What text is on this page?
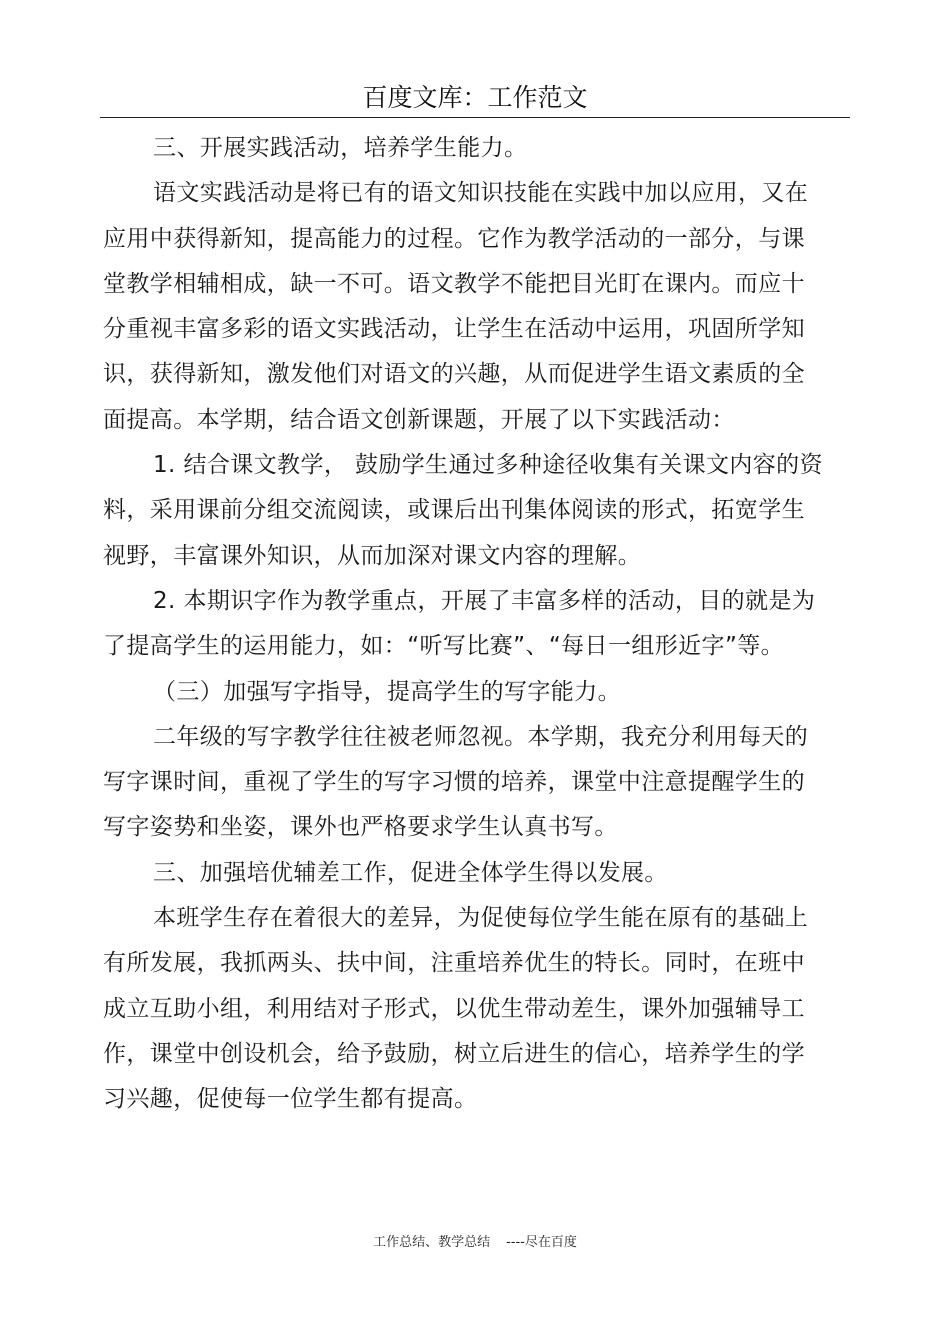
百度文库：工作范文

三、开展实践活动，培养学生能力。

语文实践活动是将已有的语文知识技能在实践中加以应用，又在应用中获得新知，提高能力的过程。它作为教学活动的一部分，与课堂教学相辅相成，缺一不可。语文教学不能把目光盯在课内。而应十分重视丰富多彩的语文实践活动，让学生在活动中运用，巩固所学知识，获得新知，激发他们对语文的兴趣，从而促进学生语文素质的全面提高。本学期，结合语文创新课题，开展了以下实践活动：

1. 结合课文教学， 鼓励学生通过多种途径收集有关课文内容的资料，采用课前分组交流阅读，或课后出刊集体阅读的形式，拓宽学生视野，丰富课外知识，从而加深对课文内容的理解。

2. 本期识字作为教学重点，开展了丰富多样的活动，目的就是为了提高学生的运用能力，如：“听写比赛”、“每日一组形近字”等。

（三）加强写字指导，提高学生的写字能力。

二年级的写字教学往往被老师忽视。本学期，我充分利用每天的写字课时间，重视了学生的写字习惯的培养，课堂中注意提醒学生的写字姿势和坐姿，课外也严格要求学生认真书写。

三、加强培优辅差工作，促进全体学生得以发展。

本班学生存在着很大的差异，为促使每位学生能在原有的基础上有所发展，我抓两头、扶中间，注重培养优生的特长。同时，在班中成立互助小组，利用结对子形式，以优生带动差生，课外加强辅导工作，课堂中创设机会，给予鼓励，树立后进生的信心，培养学生的学习兴趣，促使每一位学生都有提高。

工作总结、教学总结 ----尽在百度
